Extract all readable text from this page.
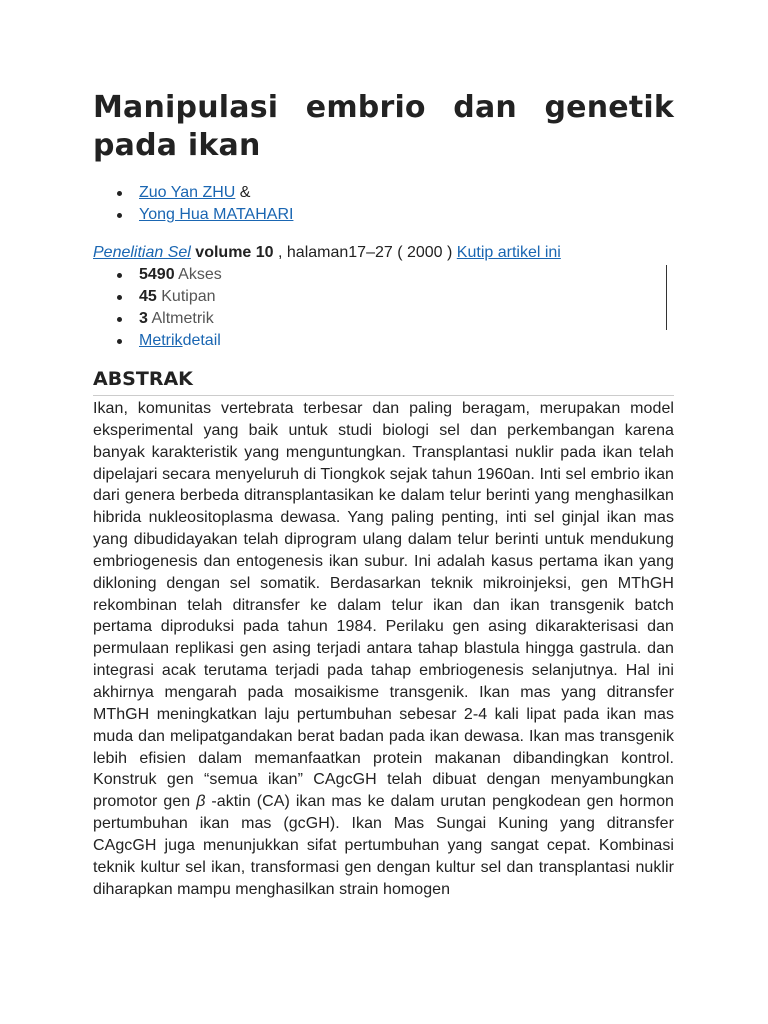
Manipulasi embrio dan genetik pada ikan
Zuo Yan ZHU &
Yong Hua MATAHARI

Penelitian Sel volume 10 , halaman17–27 ( 2000 ) Kutip artikel ini

5490 Akses
45 Kutipan
3 Altmetrik
Metrikdetail
ABSTRAK

Ikan, komunitas vertebrata terbesar dan paling beragam, merupakan model eksperimental yang baik untuk studi biologi sel dan perkembangan karena banyak karakteristik yang menguntungkan. Transplantasi nuklir pada ikan telah dipelajari secara menyeluruh di Tiongkok sejak tahun 1960an. Inti sel embrio ikan dari genera berbeda ditransplantasikan ke dalam telur berinti yang menghasilkan hibrida nukleositoplasma dewasa. Yang paling penting, inti sel ginjal ikan mas yang dibudidayakan telah diprogram ulang dalam telur berinti untuk mendukung embriogenesis dan entogenesis ikan subur. Ini adalah kasus pertama ikan yang dikloning dengan sel somatik. Berdasarkan teknik mikroinjeksi, gen MThGH rekombinan telah ditransfer ke dalam telur ikan dan ikan transgenik batch pertama diproduksi pada tahun 1984. Perilaku gen asing dikarakterisasi dan permulaan replikasi gen asing terjadi antara tahap blastula hingga gastrula. dan integrasi acak terutama terjadi pada tahap embriogenesis selanjutnya. Hal ini akhirnya mengarah pada mosaikisme transgenik. Ikan mas yang ditransfer MThGH meningkatkan laju pertumbuhan sebesar 2-4 kali lipat pada ikan mas muda dan melipatgandakan berat badan pada ikan dewasa. Ikan mas transgenik lebih efisien dalam memanfaatkan protein makanan dibandingkan kontrol. Konstruk gen “semua ikan” CAgcGH telah dibuat dengan menyambungkan promotor gen β -aktin (CA) ikan mas ke dalam urutan pengkodean gen hormon pertumbuhan ikan mas (gcGH). Ikan Mas Sungai Kuning yang ditransfer CAgcGH juga menunjukkan sifat pertumbuhan yang sangat cepat. Kombinasi teknik kultur sel ikan, transformasi gen dengan kultur sel dan transplantasi nuklir diharapkan mampu menghasilkan strain homogen
